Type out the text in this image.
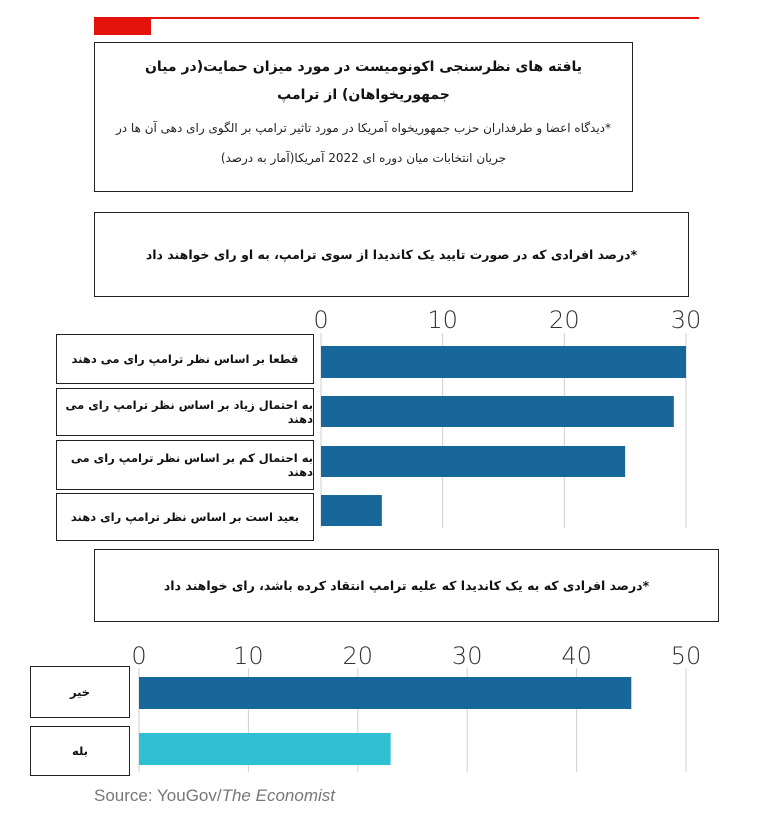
یافته های نظرسنجی اکونومیست در مورد میزان حمایت(در میان جمهوریخواهان) از ترامپ
*دیدگاه اعضا و طرفداران حزب جمهوریخواه آمریکا در مورد تاثیر ترامپ بر الگوی رای دهی آن ها در جریان انتخابات میان دوره ای 2022 آمریکا(آمار به درصد)
*درصد افرادی که در صورت تایید یک کاندیدا از سوی ترامپ، به او رای خواهند داد
*درصد افرادی که به یک کاندیدا که علیه ترامپ انتقاد کرده باشد، رای خواهند داد
قطعا بر اساس نظر ترامپ رای می دهند
به احتمال زیاد بر اساس نظر ترامپ رای می دهند
به احتمال کم بر اساس نظر ترامپ رای می دهند
بعید است بر اساس نظر ترامپ رای دهند
خیر
بله
0	10	20	30
0	10	20	30	40	50
Source: YouGov/The Economist
